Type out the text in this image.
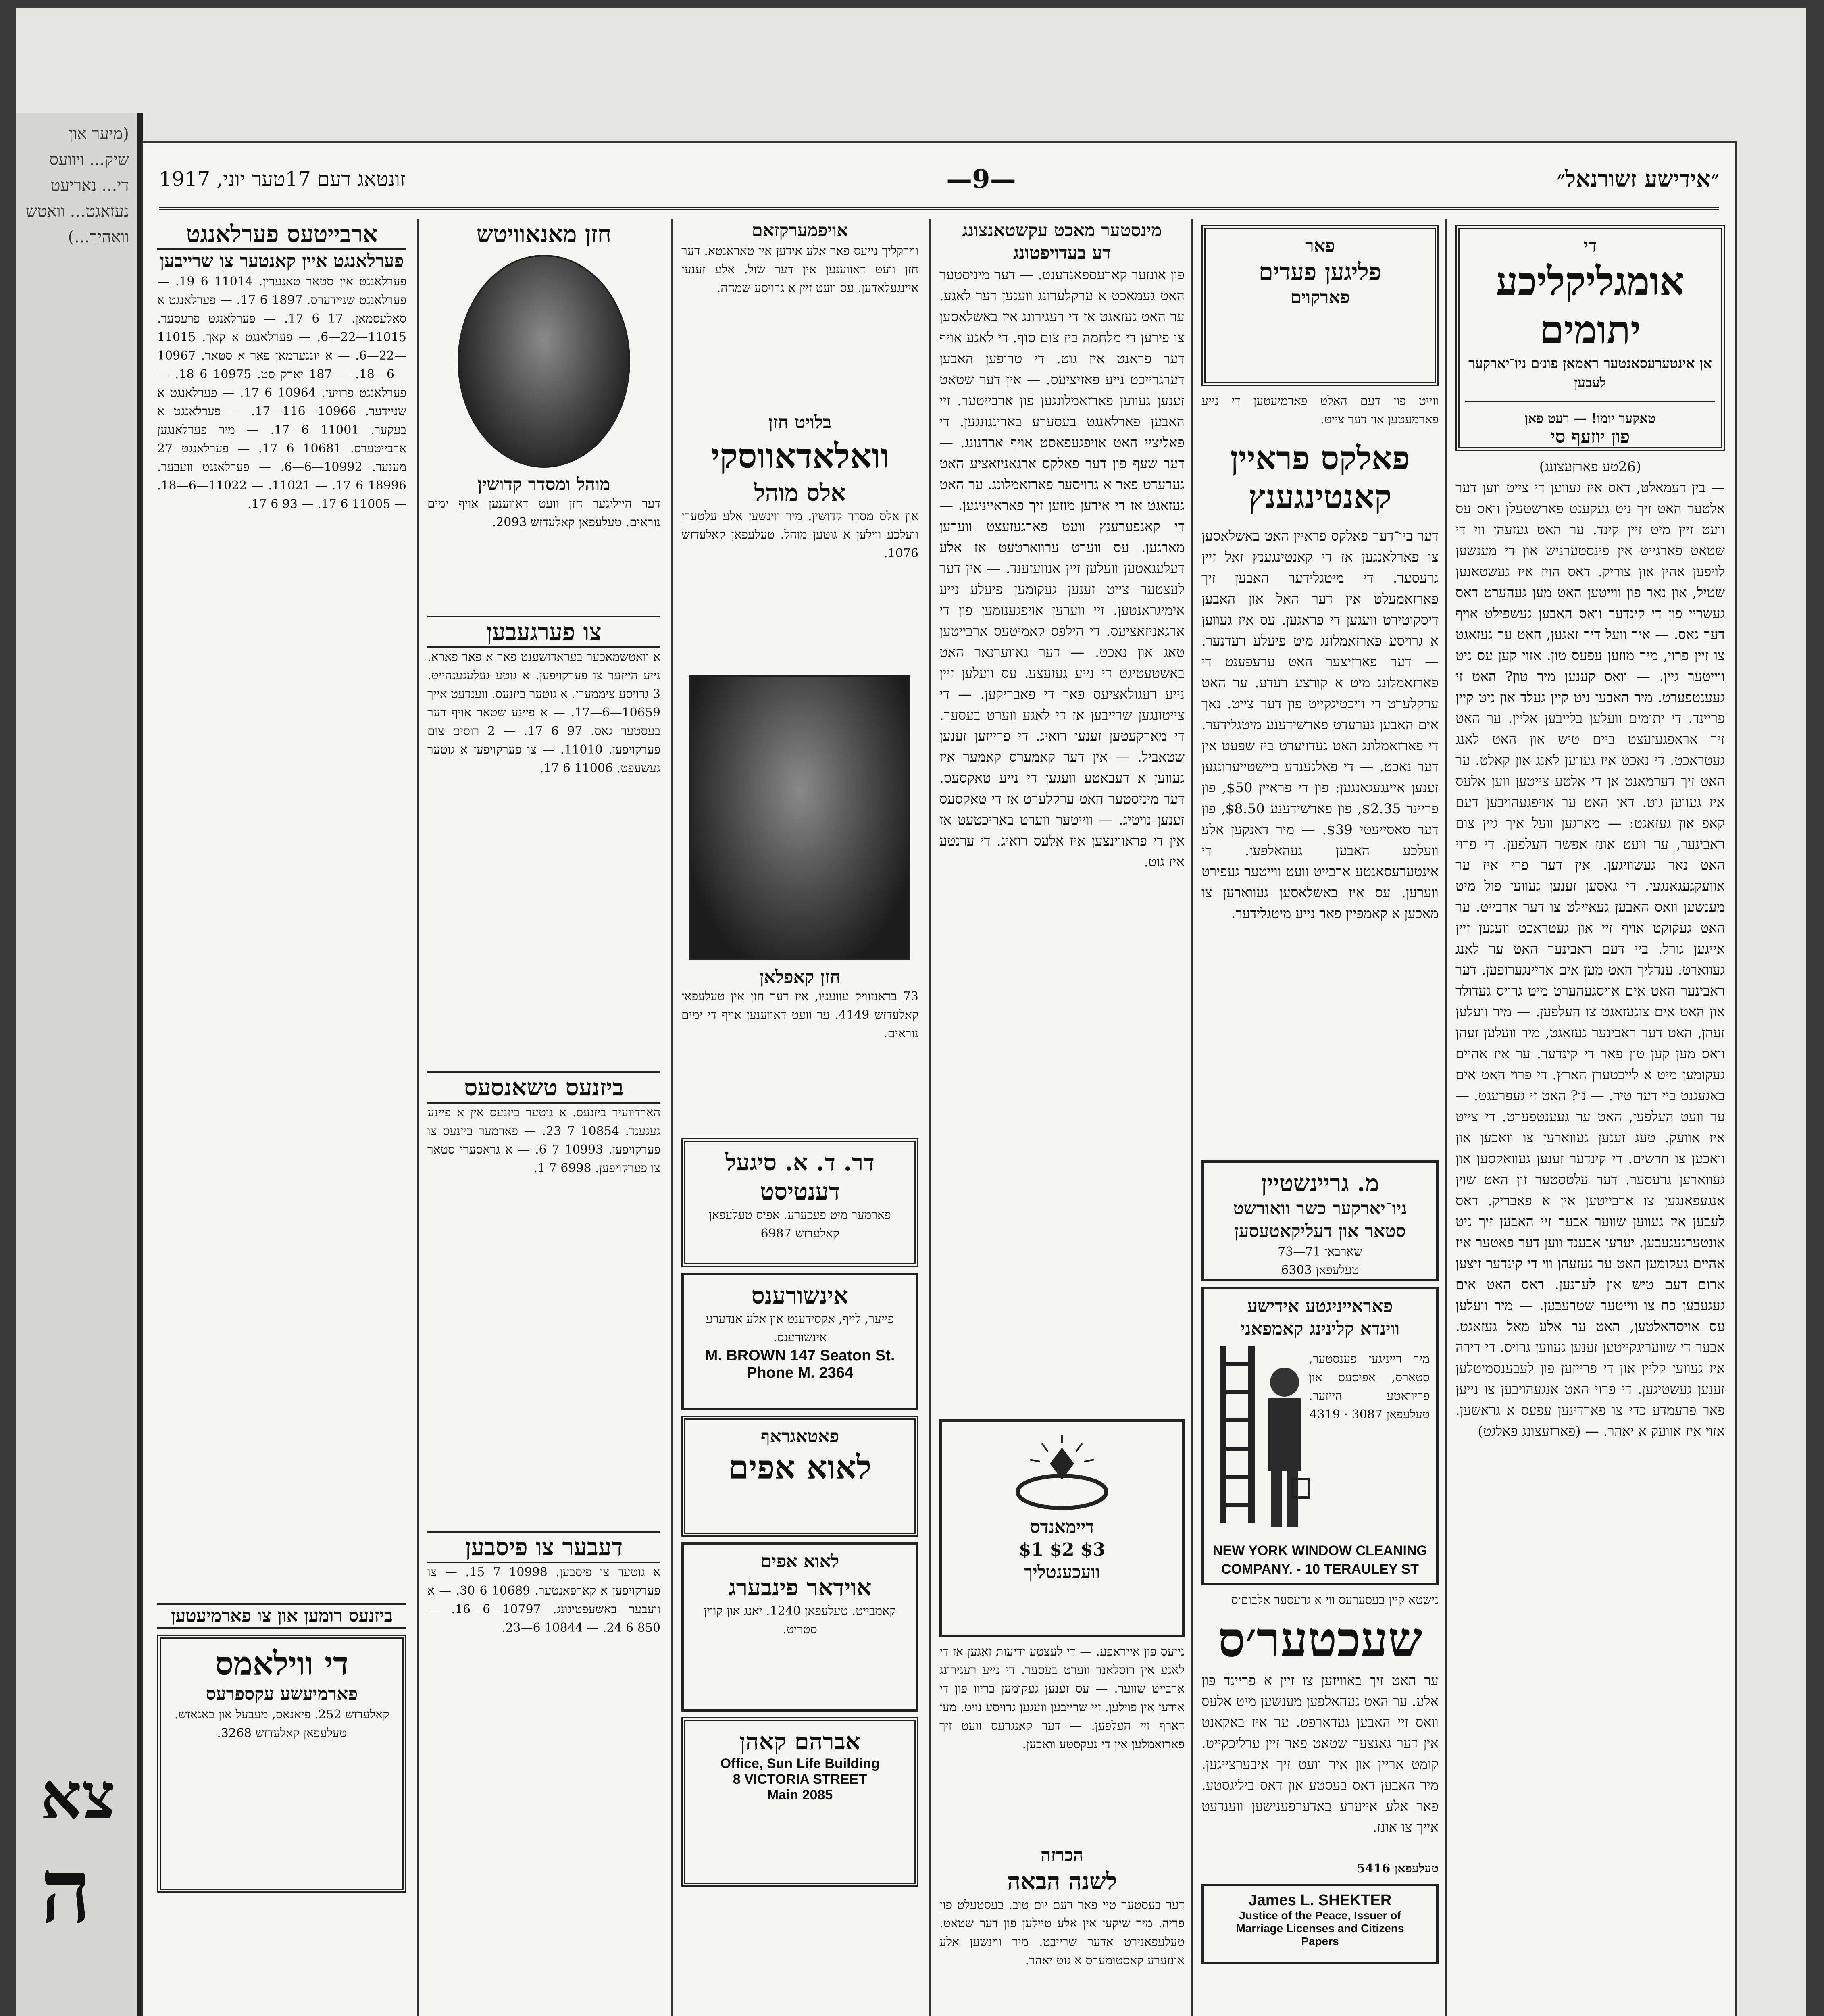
(מיער און שיק... ויוועס די... נאריעט נעזאגט... וואטש וואהיר...)
צא
ה
״אידישע זשורנאל״
—9—
זונטאג דעם 17טער יוני, 1917
די
אומגליקליכע יתומים
אן אינטערעסאנטער ראמאן פונ׳ם ניו־יארקער לעבען
טאקער יומו! — רעט פאן
פון יוזעף סי
(26טע פארזעצונג)
— בין דעמאלט, דאס איז געווען די צייט ווען דער אלטער האט זיך ניט געקענט פארשטעלן וואס עס וועט זיין מיט זיין קינד. ער האט געזעהן ווי די שטאט פארגייט אין פינסטערניש און די מענשען לויפען אהין און צוריק. דאס הויז איז געשטאנען שטיל, און נאר פון ווייטען האט מען געהערט דאס געשריי פון די קינדער וואס האבען געשפילט אויף דער גאס. — איך וועל דיר זאגען, האט ער געזאגט צו זיין פרוי, מיר מוזען עפעס טון. אזוי קען עס ניט ווייטער גיין. — וואס קענען מיר טון? האט זי געענטפערט. מיר האבען ניט קיין געלד און ניט קיין פריינד. די יתומים וועלען בלייבען אליין. ער האט זיך אראפגעזעצט ביים טיש און האט לאנג געטראכט. די נאכט איז געווען לאנג און קאלט. ער האט זיך דערמאנט אן די אלטע צייטען ווען אלעס איז געווען גוט. דאן האט ער אויפגעהויבען דעם קאפ און געזאגט: — מארגען וועל איך גיין צום ראבינער, ער וועט אונז אפשר העלפען. די פרוי האט נאר געשוויגען. אין דער פרי איז ער אוועקגעגאנגען. די גאסען זענען געווען פול מיט מענשען וואס האבען געאיילט צו דער ארבייט. ער האט געקוקט אויף זיי און געטראכט וועגען זיין אייגען גורל. ביי דעם ראבינער האט ער לאנג געווארט. ענדליך האט מען אים אריינגערופען. דער ראבינער האט אים אויסגעהערט מיט גרויס געדולד און האט אים צוגעזאגט צו העלפען. — מיר וועלען זעהן, האט דער ראבינער געזאגט, מיר וועלען זעהן וואס מען קען טון פאר די קינדער. ער איז אהיים געקומען מיט א לייכטערן הארץ. די פרוי האט אים באגעגנט ביי דער טיר. — נו? האט זי געפרעגט. — ער וועט העלפען, האט ער געענטפערט. די צייט איז אוועק. טעג זענען געווארען צו וואכען און וואכען צו חדשים. די קינדער זענען געוואקסען און געווארען גרעסער. דער עלטסטער זון האט שוין אנגעפאנגען צו ארבייטען אין א פאבריק. דאס לעבען איז געווען שווער אבער זיי האבען זיך ניט אונטערגעגעבען. יעדען אבענד ווען דער פאטער איז אהיים געקומען האט ער געזעהן ווי די קינדער זיצען ארום דעם טיש און לערנען. דאס האט אים געגעבען כח צו ווייטער שטרעבען. — מיר וועלען עס אויסהאלטען, האט ער אלע מאל געזאגט. אבער די שוועריגקייטען זענען געווען גרויס. די דירה איז געווען קליין און די פרייזען פון לעבענסמיטלען זענען געשטיגען. די פרוי האט אנגעהויבען צו נייען פאר פרעמדע כדי צו פארדינען עפעס א גראשען. אזוי איז אוועק א יאהר. — (פארזעצונג פאלגט)
פאר
פליגען פעדים
פארקוים
ווייט פון דעם האלט פארמיעטען די נייע פארמעטען און דער צייט.
פאלקס פראיין קאנטינגענץ
דער ביו־דער פאלקס פראיין האט באשלאסען צו פארלאנגען אז די קאנטינגענץ זאל זיין גרעסער. די מיטגלידער האבען זיך פארזאמעלט אין דער האל און האבען דיסקוטירט וועגען די פראגען. עס איז געווען א גרויסע פארזאמלונג מיט פיעלע רעדנער. — דער פארזיצער האט ערעפענט די פארזאמלונג מיט א קורצע רעדע. ער האט ערקלערט די וויכטיגקייט פון דער צייט. נאך אים האבען גערעדט פארשידענע מיטגלידער. די פארזאמלונג האט געדויערט ביז שפעט אין דער נאכט. — די פאלגענדע ביישטייערונגען זענען איינגעגאנגען: פון די פראיין $50, פון פריינד $2.35, פון פארשידענע $8.50, פון דער סאסייעטי $39. — מיר דאנקען אלע וועלכע האבען געהאלפען. די אינטערעסאנטע ארבייט וועט ווייטער געפירט ווערען. עס איז באשלאסען געווארען צו מאכען א קאמפיין פאר נייע מיטגלידער.
מ. גריינשטיין
ניו־יארקער כשר וואורשט
סטאר און דעליקאטעסען
שארבאן 71—73
טעלעפאן 6303
פאראייניגטע אידישע
ווינדא קלינינג קאמפאני
מיר רייניגען פענסטער, סטארס, אפיסעס און פריוואטע הייזער. טעלעפאן 3087 · 4319
NEW YORK WINDOW CLEANING
COMPANY. - 10 TERAULEY ST
נישטא קיין בעסערעס ווי א גרעסער אלבום׳ס
שעכטער׳ס
ער האט זיך באוויזען צו זיין א פריינד פון אלע. ער האט געהאלפען מענשען מיט אלעס וואס זיי האבען געדארפט. ער איז באקאנט אין דער גאנצער שטאט פאר זיין ערליכקייט. קומט אריין און איר וועט זיך איבערצייגען. מיר האבען דאס בעסטע און דאס ביליגסטע. פאר אלע אייערע באדערפענישען ווענדעט אייך צו אונז.
טעלעפאן 5416
James L. SHEKTER
Justice of the Peace, Issuer of
Marriage Licenses and Citizens
Papers
מינסטער מאכט עקשטאנצונג
דע בעדויפטונג
פון אונזער קארעספאנדענט. — דער מיניסטער האט געמאכט א ערקלערונג וועגען דער לאגע. ער האט געזאגט אז די רעגירונג איז באשלאסען צו פירען די מלחמה ביז צום סוף. די לאגע אויף דער פראנט איז גוט. די טרופען האבען דערגרייכט נייע פאזיציעס. — אין דער שטאט זענען געווען פארזאמלונגען פון ארבייטער. זיי האבען פארלאנגט בעסערע באדינגונגען. די פאליציי האט אויפגעפאסט אויף ארדנונג. — דער שעף פון דער פאלקס ארגאניזאציע האט גערעדט פאר א גרויסער פארזאמלונג. ער האט געזאגט אז די אידען מוזען זיך פאראייניגען. — די קאנפערענץ וועט פארגעזעצט ווערען מארגען. עס ווערט ערווארטעט אז אלע דעלעגאטען וועלען זיין אנוועזענד. — אין דער לעצטער צייט זענען געקומען פיעלע נייע אימיגראנטען. זיי ווערען אויפגענומען פון די ארגאניזאציעס. די הילפס קאמיטעס ארבייטען טאג און נאכט. — דער גאווערנאר האט באשטעטיגט די נייע געזעצע. עס וועלען זיין נייע רעגולאציעס פאר די פאבריקען. — די צייטונגען שרייבען אז די לאגע ווערט בעסער. די מארקעטען זענען רואיג. די פרייזען זענען שטאביל. — אין דער קאמערס קאמער איז געווען א דעבאטע וועגען די נייע טאקסעס. דער מיניסטער האט ערקלערט אז די טאקסעס זענען נויטיג. — ווייטער ווערט באריכטעט אז אין די פראווינצען איז אלעס רואיג. די ערנטע איז גוט.
דיימאנדס
$1 $2 $3
וועכענטליך
נייעס פון אייראפע. — די לעצטע ידיעות זאגען אז די לאגע אין רוסלאנד ווערט בעסער. די נייע רעגירונג ארבייט שווער. — עס זענען געקומען בריוו פון די אידען אין פוילען. זיי שרייבען וועגען גרויסע נויט. מען דארף זיי העלפען. — דער קאנגרעס וועט זיך פארזאמלען אין די נעקסטע וואכען.
הכרזה
לשנה הבאה
דער בעסטער טיי פאר דעם יום טוב. בעסטעלט פון פריה. מיר שיקען אין אלע טיילען פון דער שטאט. טעלעפאנירט אדער שרייבט. מיר ווינשען אלע אונזערע קאסטומערס א גוט יאהר.
אויפמערקזאם
ווירקליך נייעס פאר אלע אידען אין טאראנטא. דער חזן וועט דאווענען אין דער שול. אלע זענען איינגעלאדען. עס וועט זיין א גרויסע שמחה.
בלויט חזן
וואלאדאווסקי
אלס מוהל
און אלס מסדר קדושין. מיר ווינשען אלע עלטערן וועלכע ווילען א גוטען מוהל. טעלעפאן קאלעדזש 1076.
חזן קאפלאן
73 בראנזוויק עוועניו, איז דער חזן אין טעלעפאן קאלעדזש 4149. ער וועט דאווענען אויף די ימים נוראים.
דר. ד. א. סיגעל
דענטיסט
פארמער מיט פעכערע. אפיס טעלעפאן קאלעדזש 6987
אינשורענס
פייער, לייף, אקסידענט און אלע אנדערע אינשורענס.
M. BROWN 147 Seaton St.
Phone M. 2364
פאטאגראף
לאוא אפים
לאוא אפים
אוידאר פינבערג
קאמבייט. טעלעפאן 1240. יאנג און קווין סטריט.
אברהם קאהן
Office, Sun Life Building
8 VICTORIA STREET
Main 2085
חזן מאנאוויטש
מוהל ומסדר קדושין
דער הייליגער חזן וועט דאווענען אויף ימים נוראים. טעלעפאן קאלעדזש 2093.
צו פערגעבען
א וואטשמאכער בעראדזשענט פאר א פאר פארא. נייע הייזער צו פערקויפען. א גוטע געלעגענהייט. 3 גרויסע ציממערן. א גוטער ביזנעס. ווענדעט אייך 10659—6—17. — א פיינע שטאר אויף דער בעסטער גאס. 97 6 17. — 2 רוסים צום פערקויפען. 11010. — צו פערקויפען א גוטער געשעפט. 11006 6 17.
ביזנעס טשאנסעס
הארדוועיר ביזנעס. א גוטער ביזנעס אין א פיינע געגענד. 10854 7 23. — פארמער ביזנעס צו פערקויפען. 10993 7 6. — א גראסערי סטאר צו פערקויפען. 6998 7 1.
דעבער צו פיסבען
א גוטער צו פיסבען. 10998 7 15. — צו פערקויפען א קארפאנטער. 10689 6 30. — א וועבער באשעפטיגונג. 10797—6—16. — 850 6 24. — 10844 6—23.
ארבייטעס פערלאנגט
פערלאנגט איין קאנטער צו שרייבען
פערלאנגט אין סטאר טאנערין. 11014 6 19. — פערלאנגט שניידערס. 1897 6 17. — פערלאנגט א סאלעסמאן. 17 6 17. — פערלאנגט פרעסער. 11015—22—6. — פערלאנגט א קאך. 11015—22—6. — א יונגערמאן פאר א סטאר. 10967—6—18. — 187 יארק סט. 10975 6 18. — פערלאנגט פרויען. 10964 6 17. — פערלאנגט א שניידער. 10966—116—17. — פערלאנגט א בעקער. 11001 6 17. — מיר פערלאנגען ארבייטערס. 10681 6 17. — פערלאנגט 27 מענער. 10992—6—6. — פערלאנגט וועבער. 18996 6 17. — 11021. — 11022—6—18. — 11005 6 17. — 93 6 17.
ביזנעס רומען און צו פארמיעטען
די ווילאמס
פארמיעשע עקספרעס
קאלעדזש 252. פיאנאס, מעבעל און באגאזש. טעלעפאן קאלעדזש 3268.
